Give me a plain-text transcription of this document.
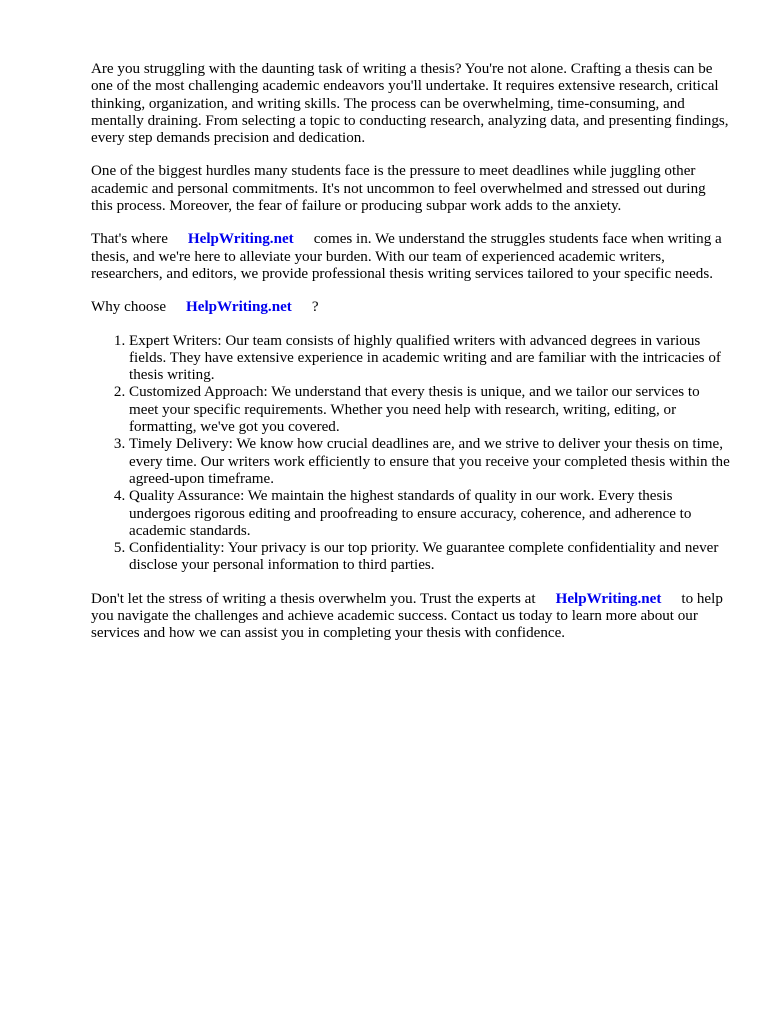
Are you struggling with the daunting task of writing a thesis? You're not alone. Crafting a thesis can be one of the most challenging academic endeavors you'll undertake. It requires extensive research, critical thinking, organization, and writing skills. The process can be overwhelming, time-consuming, and mentally draining. From selecting a topic to conducting research, analyzing data, and presenting findings, every step demands precision and dedication.

One of the biggest hurdles many students face is the pressure to meet deadlines while juggling other academic and personal commitments. It's not uncommon to feel overwhelmed and stressed out during this process. Moreover, the fear of failure or producing subpar work adds to the anxiety.

That's where HelpWriting.net comes in. We understand the struggles students face when writing a thesis, and we're here to alleviate your burden. With our team of experienced academic writers, researchers, and editors, we provide professional thesis writing services tailored to your specific needs.

Why choose HelpWriting.net ?

1. Expert Writers: Our team consists of highly qualified writers with advanced degrees in various fields. They have extensive experience in academic writing and are familiar with the intricacies of thesis writing.
2. Customized Approach: We understand that every thesis is unique, and we tailor our services to meet your specific requirements. Whether you need help with research, writing, editing, or formatting, we've got you covered.
3. Timely Delivery: We know how crucial deadlines are, and we strive to deliver your thesis on time, every time. Our writers work efficiently to ensure that you receive your completed thesis within the agreed-upon timeframe.
4. Quality Assurance: We maintain the highest standards of quality in our work. Every thesis undergoes rigorous editing and proofreading to ensure accuracy, coherence, and adherence to academic standards.
5. Confidentiality: Your privacy is our top priority. We guarantee complete confidentiality and never disclose your personal information to third parties.

Don't let the stress of writing a thesis overwhelm you. Trust the experts at HelpWriting.net to help you navigate the challenges and achieve academic success. Contact us today to learn more about our services and how we can assist you in completing your thesis with confidence.
